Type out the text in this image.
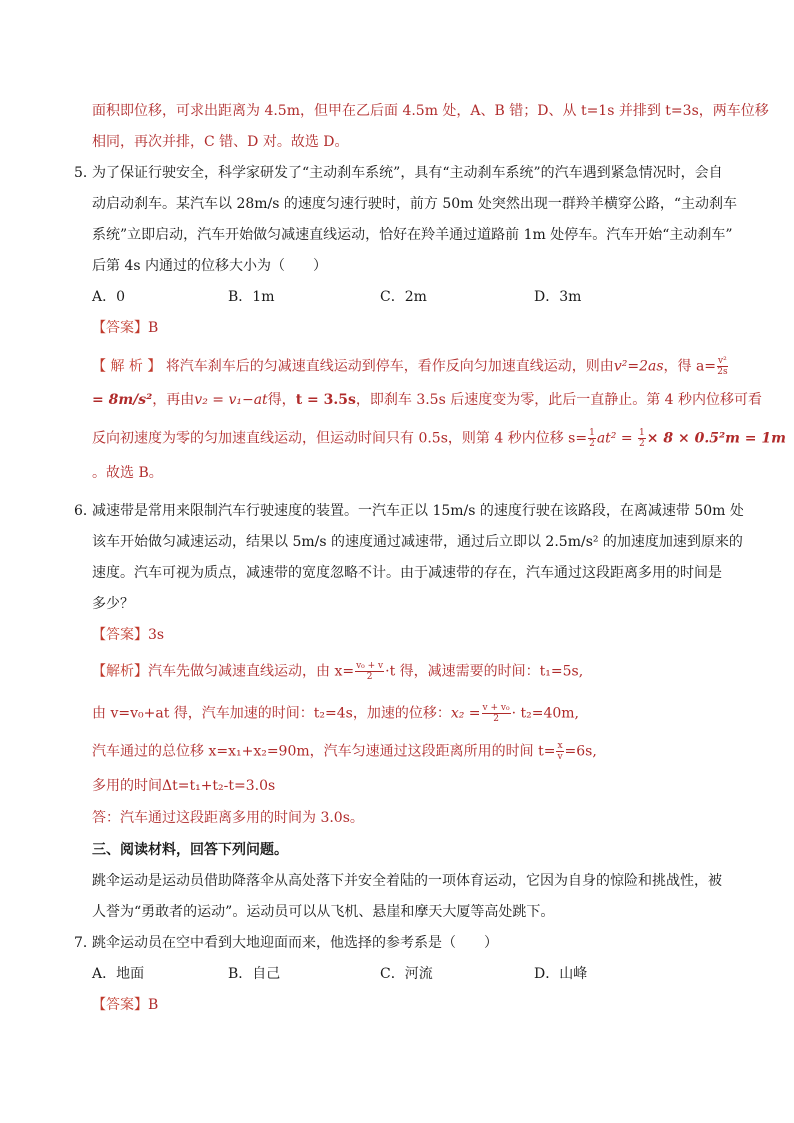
面积即位移，可求出距离为 4.5m，但甲在乙后面 4.5m 处，A、B 错；D、从 t=1s 并排到 t=3s，两车位移
相同，再次并排，C 错、D 对。故选 D。
5．为了保证行驶安全，科学家研发了“主动刹车系统”，具有“主动刹车系统”的汽车遇到紧急情况时，会自
动启动刹车。某汽车以 28m/s 的速度匀速行驶时，前方 50m 处突然出现一群羚羊横穿公路，“主动刹车
系统”立即启动，汽车开始做匀减速直线运动，恰好在羚羊通过道路前 1m 处停车。汽车开始“主动刹车”
后第 4s 内通过的位移大小为（　　）
A．0	B．1m	C．2m	D．3m
【答案】B
【 解 析 】 将汽车刹车后的匀减速直线运动到停车，看作反向匀加速直线运动，则由v²=2as，得 $a= \frac{\text{v²}}{2s}$
= 8m/s²，再由v₂ = v₁−at得，t = 3.5s，即刹车 3.5s 后速度变为零，此后一直静止。第 4 秒内位移可看
反向初速度为零的匀加速直线运动，但运动时间只有 0.5s，则第 4 秒内位移 $s= \frac{1}{2} at^2 = \frac{1}{2} \times 8 \times 0.5^2m = 1m$
。故选 B。
6．减速带是常用来限制汽车行驶速度的装置。一汽车正以 15m/s 的速度行驶在该路段，在离减速带 50m 处
该车开始做匀减速运动，结果以 5m/s 的速度通过减速带，通过后立即以 2.5m/s² 的加速度加速到原来的
速度。汽车可视为质点，减速带的宽度忽略不计。由于减速带的存在，汽车通过这段距离多用的时间是
多少？
【答案】3s
【解析】汽车先做匀减速直线运动，由 $x= \frac{\text{v₀ + v}}{2} \cdot t$ 得，减速需要的时间：t₁=5s,
由 v=v₀+at 得，汽车加速的时间：t₂=4s，加速的位移：$x_2 = \frac{\text{v + v₀}}{2} \cdot t_2=40m$,
汽车通过的总位移 x=x₁+x₂=90m，汽车匀速通过这段距离所用的时间 $t= \frac{x}{v} =6s$,
多用的时间Δt=t₁+t₂-t=3.0s
答：汽车通过这段距离多用的时间为 3.0s。
三、阅读材料，回答下列问题。
跳伞运动是运动员借助降落伞从高处落下并安全着陆的一项体育运动，它因为自身的惊险和挑战性，被
人誉为“勇敢者的运动”。运动员可以从飞机、悬崖和摩天大厦等高处跳下。
7．跳伞运动员在空中看到大地迎面而来，他选择的参考系是（　　）
A．地面	B．自己	C．河流	D．山峰
【答案】B
